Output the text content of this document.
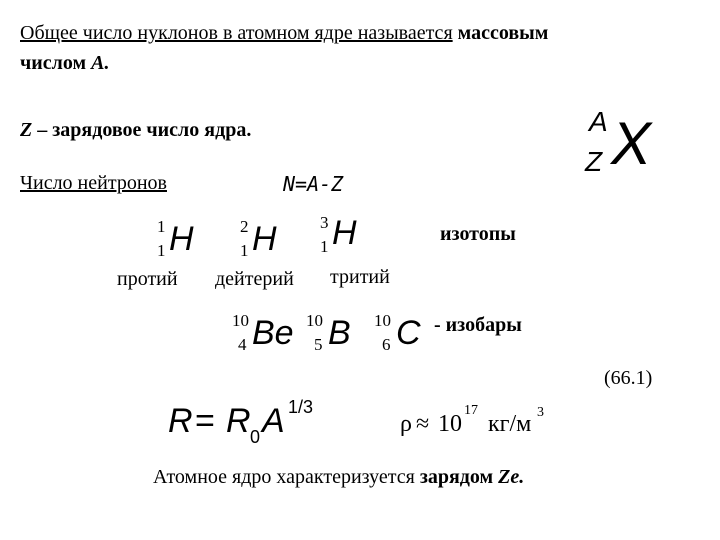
Общее число нуклонов в атомном ядре называется массовым
числом A.
Z – зарядовое число ядра.	A
Z X
Число нейтронов	N=A-Z
1
1 H	2
1 H	3
1 H	изотопы
протий дейтерий тритий
10
4 Be 10
5 B 10
6 C - изобары
(66.1)
R = R 0 A 1/3
ρ ≈ 10
17
кг/м 3
Атомное ядро характеризуется зарядом Ze.
